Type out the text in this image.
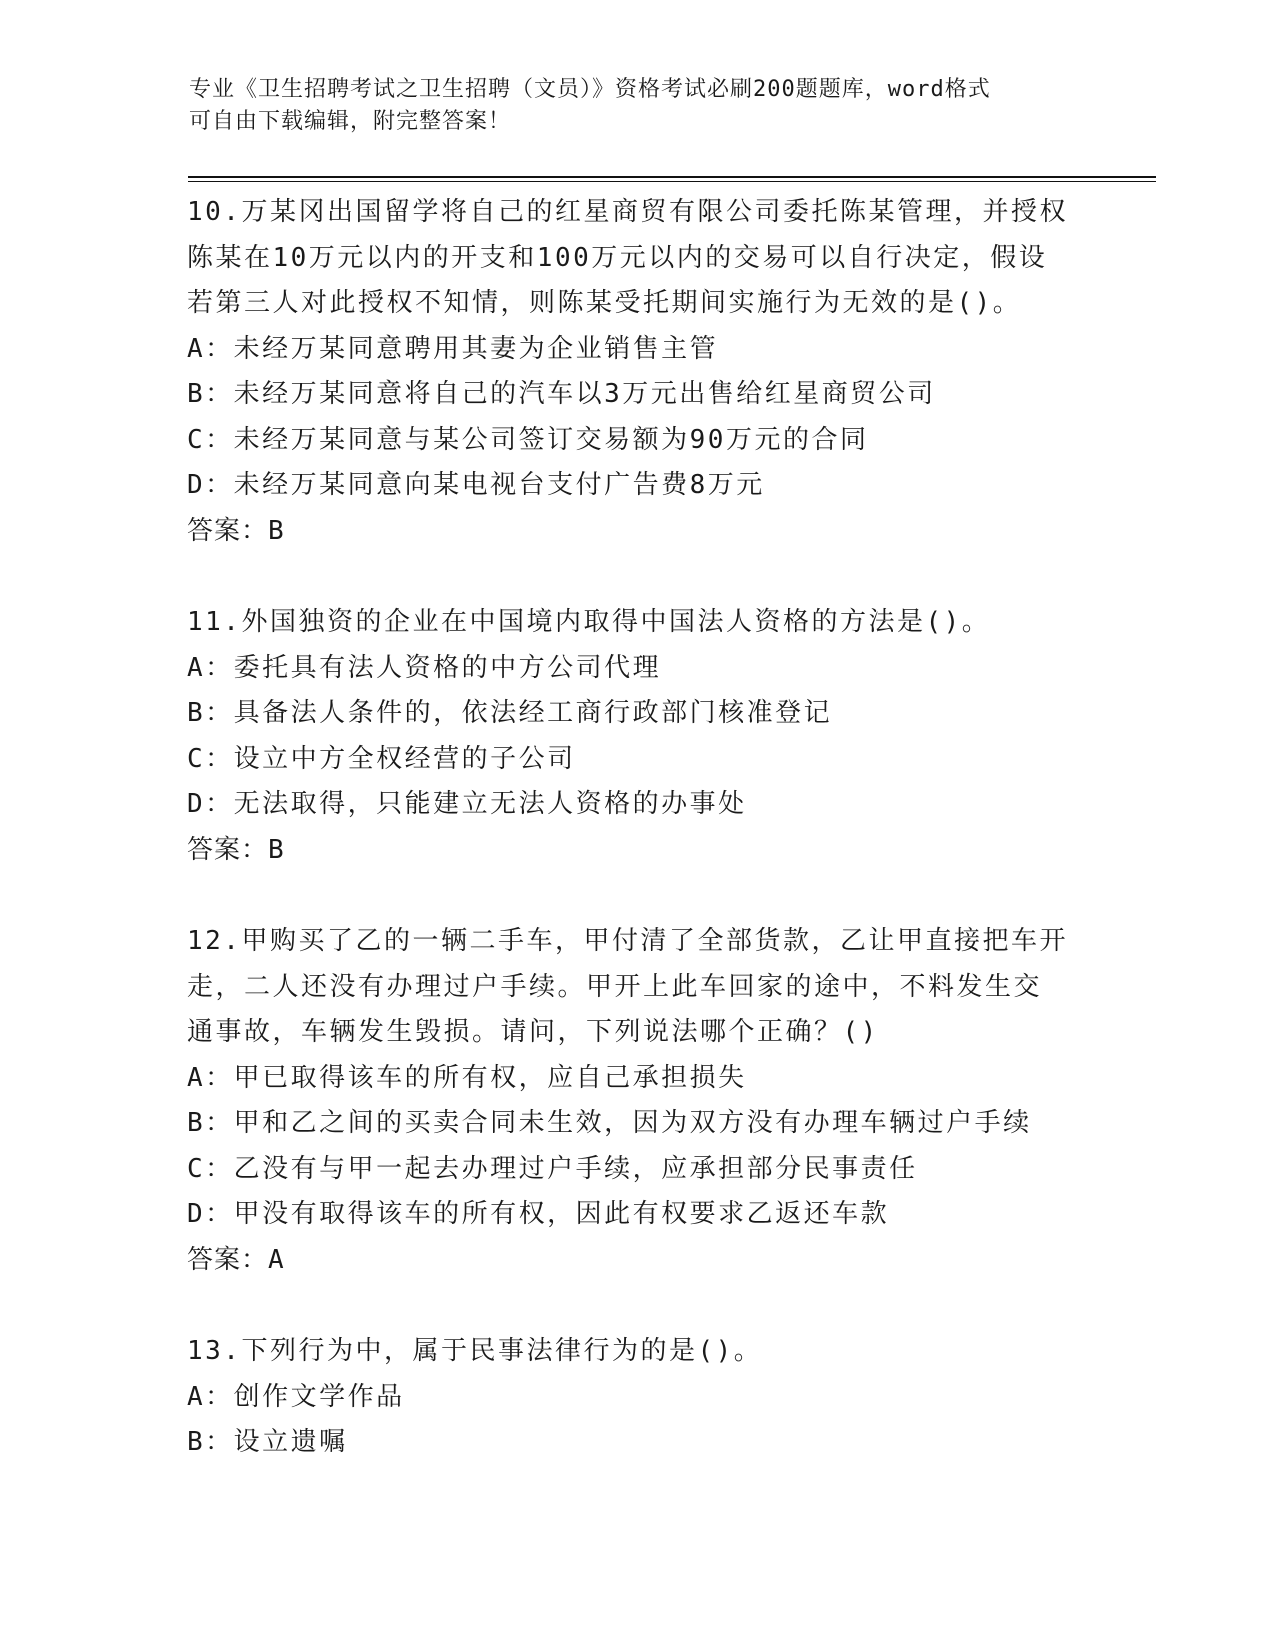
专业《卫生招聘考试之卫生招聘（文员）》资格考试必刷200题题库，word格式
可自由下载编辑，附完整答案！
10.万某冈出国留学将自己的红星商贸有限公司委托陈某管理，并授权
陈某在10万元以内的开支和100万元以内的交易可以自行决定，假设
若第三人对此授权不知情，则陈某受托期间实施行为无效的是()。
A：未经万某同意聘用其妻为企业销售主管
B：未经万某同意将自己的汽车以3万元出售给红星商贸公司
C：未经万某同意与某公司签订交易额为90万元的合同
D：未经万某同意向某电视台支付广告费8万元
答案：B
11.外国独资的企业在中国境内取得中国法人资格的方法是()。
A：委托具有法人资格的中方公司代理
B：具备法人条件的，依法经工商行政部门核准登记
C：设立中方全权经营的子公司
D：无法取得，只能建立无法人资格的办事处
答案：B
12.甲购买了乙的一辆二手车，甲付清了全部货款，乙让甲直接把车开
走，二人还没有办理过户手续。甲开上此车回家的途中，不料发生交
通事故，车辆发生毁损。请问，下列说法哪个正确？()
A：甲已取得该车的所有权，应自己承担损失
B：甲和乙之间的买卖合同未生效，因为双方没有办理车辆过户手续
C：乙没有与甲一起去办理过户手续，应承担部分民事责任
D：甲没有取得该车的所有权，因此有权要求乙返还车款
答案：A
13.下列行为中，属于民事法律行为的是()。
A：创作文学作品
B：设立遗嘱
